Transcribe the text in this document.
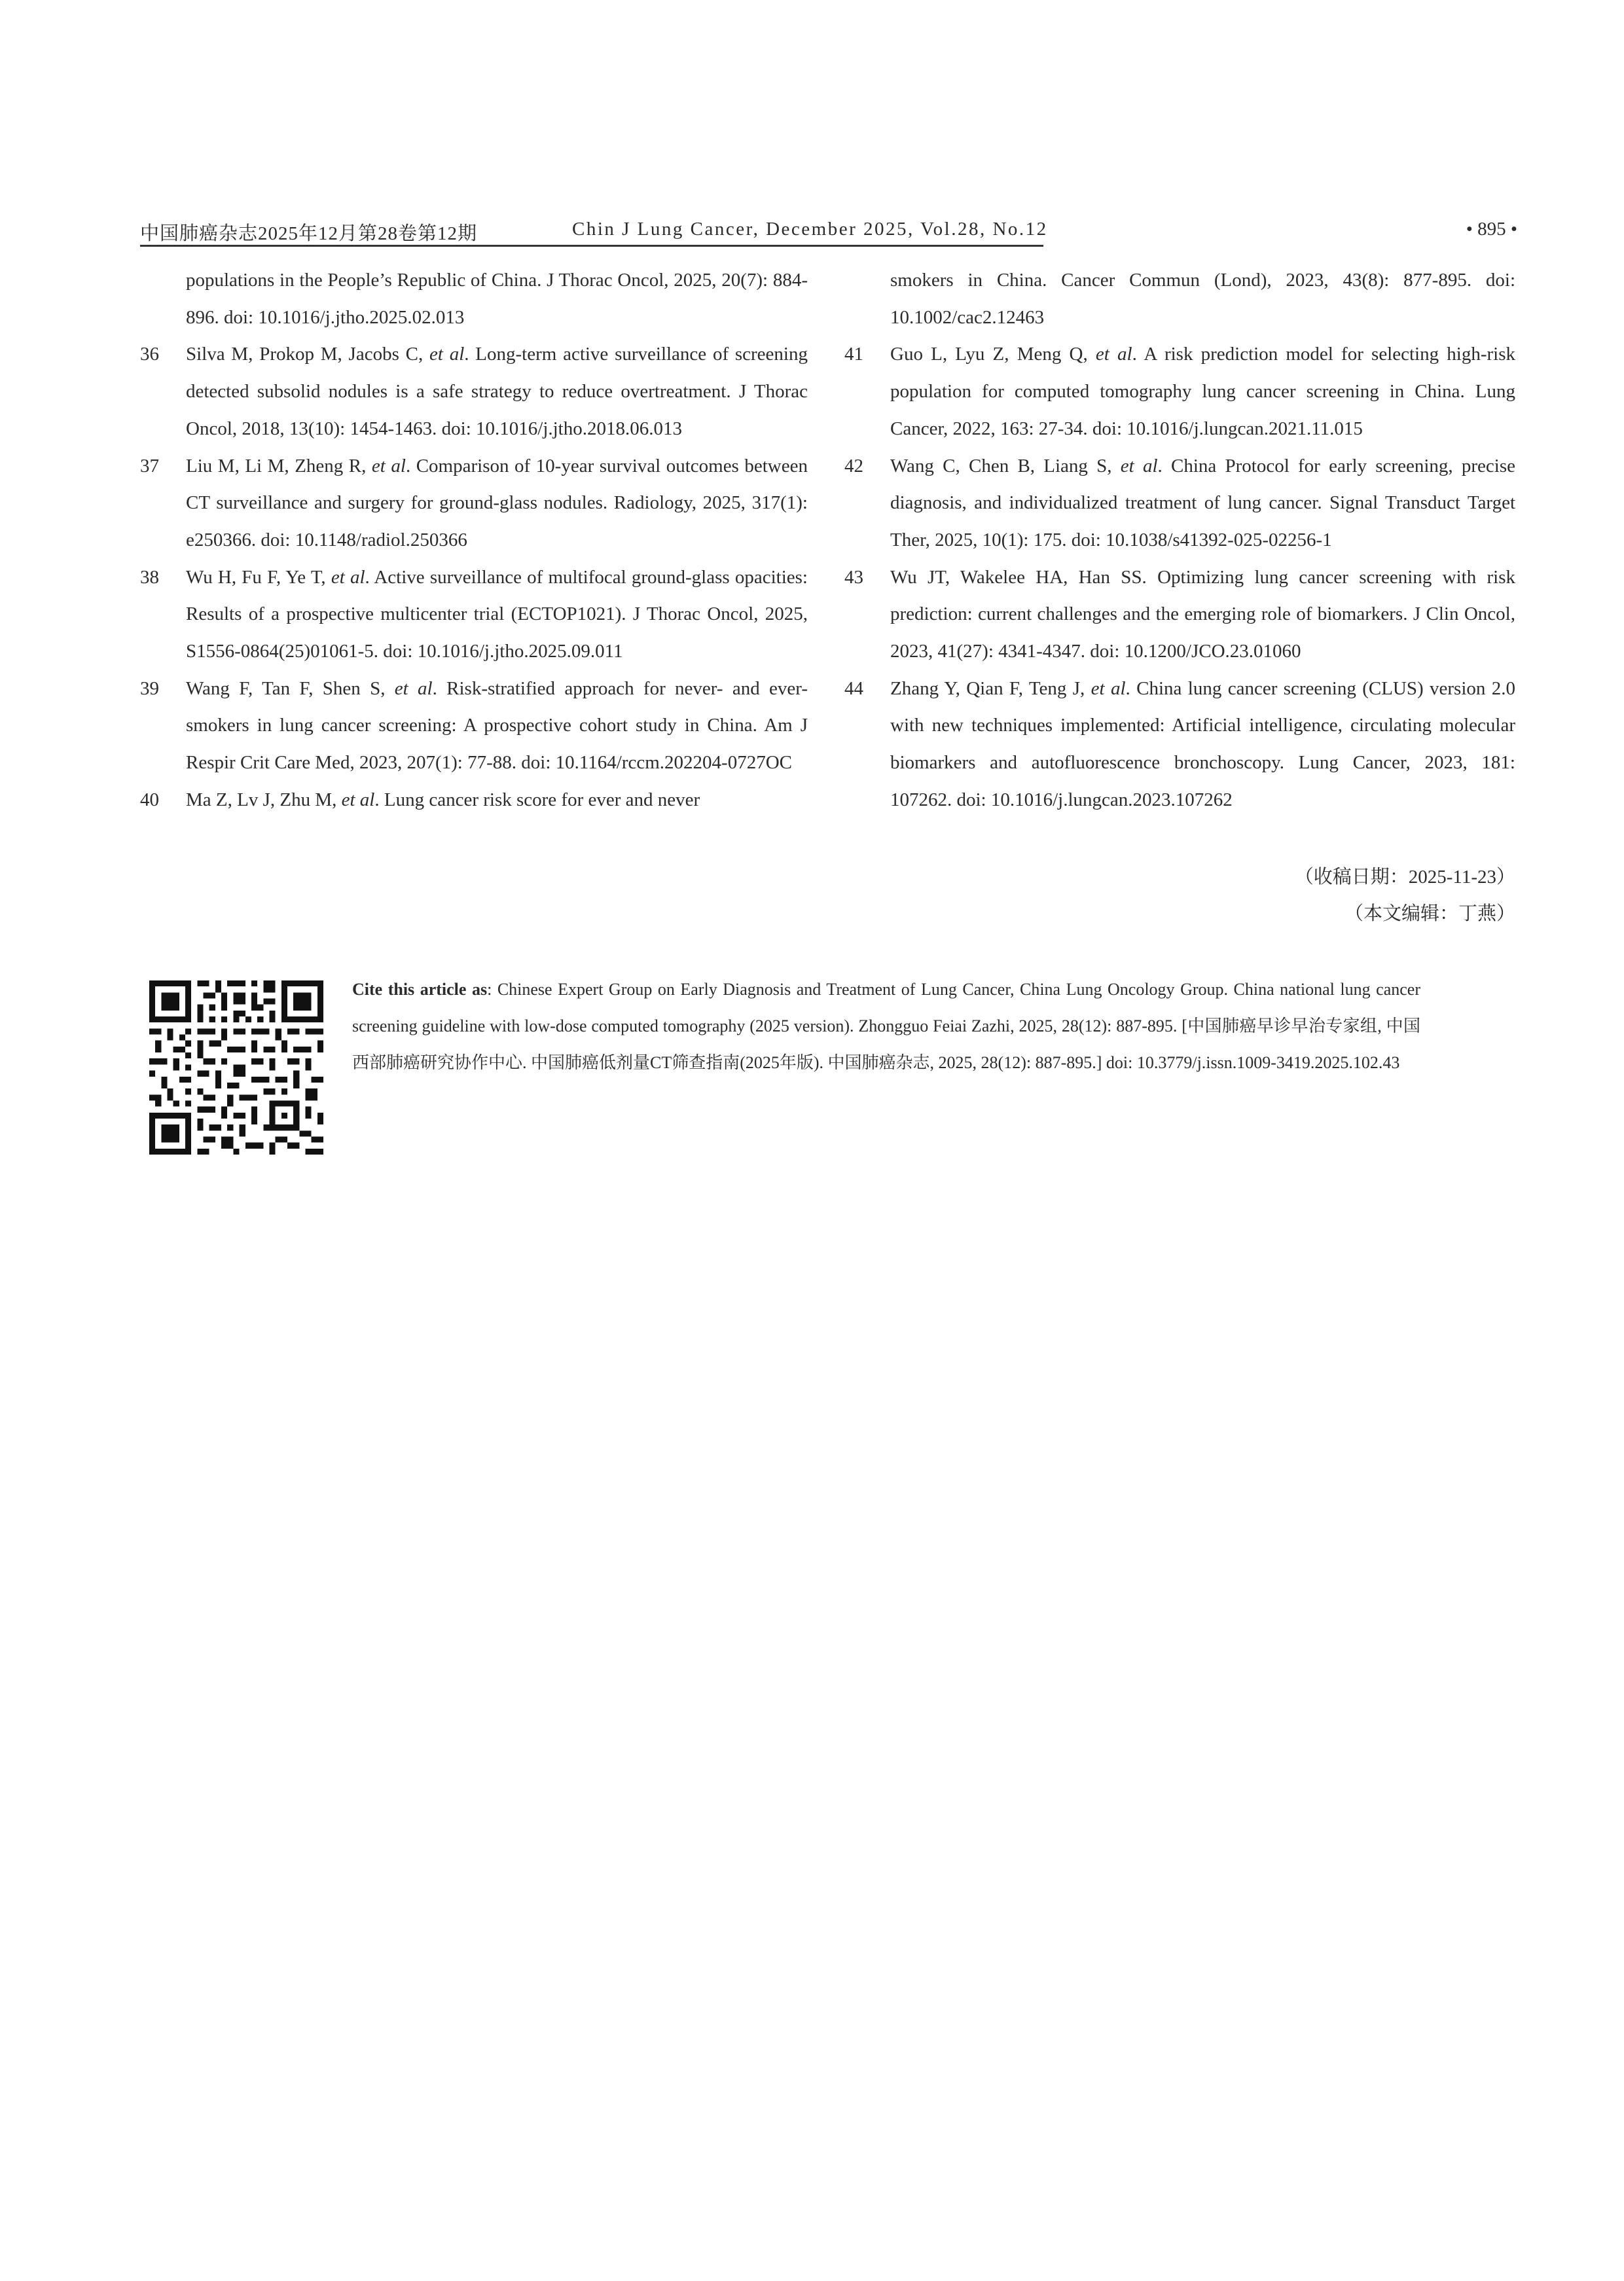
中国肺癌杂志2025年12月第28卷第12期	Chin J Lung Cancer, December 2025, Vol.28, No.12	• 895 •
populations in the People’s Republic of China. J Thorac Oncol, 2025, 20(7): 884-896. doi: 10.1016/j.jtho.2025.02.013
36 Silva M, Prokop M, Jacobs C, et al. Long-term active surveillance of screening detected subsolid nodules is a safe strategy to reduce overtreatment. J Thorac Oncol, 2018, 13(10): 1454-1463. doi: 10.1016/j.jtho.2018.06.013
37 Liu M, Li M, Zheng R, et al. Comparison of 10-year survival outcomes between CT surveillance and surgery for ground-glass nodules. Radiology, 2025, 317(1): e250366. doi: 10.1148/radiol.250366
38 Wu H, Fu F, Ye T, et al. Active surveillance of multifocal ground-glass opacities: Results of a prospective multicenter trial (ECTOP1021). J Thorac Oncol, 2025, S1556-0864(25)01061-5. doi: 10.1016/j.jtho.2025.09.011
39 Wang F, Tan F, Shen S, et al. Risk-stratified approach for never- and ever-smokers in lung cancer screening: A prospective cohort study in China. Am J Respir Crit Care Med, 2023, 207(1): 77-88. doi: 10.1164/rccm.202204-0727OC
40 Ma Z, Lv J, Zhu M, et al. Lung cancer risk score for ever and never
smokers in China. Cancer Commun (Lond), 2023, 43(8): 877-895. doi: 10.1002/cac2.12463
41 Guo L, Lyu Z, Meng Q, et al. A risk prediction model for selecting high-risk population for computed tomography lung cancer screening in China. Lung Cancer, 2022, 163: 27-34. doi: 10.1016/j.lungcan.2021.11.015
42 Wang C, Chen B, Liang S, et al. China Protocol for early screening, precise diagnosis, and individualized treatment of lung cancer. Signal Transduct Target Ther, 2025, 10(1): 175. doi: 10.1038/s41392-025-02256-1
43 Wu JT, Wakelee HA, Han SS. Optimizing lung cancer screening with risk prediction: current challenges and the emerging role of biomarkers. J Clin Oncol, 2023, 41(27): 4341-4347. doi: 10.1200/JCO.23.01060
44 Zhang Y, Qian F, Teng J, et al. China lung cancer screening (CLUS) version 2.0 with new techniques implemented: Artificial intelligence, circulating molecular biomarkers and autofluorescence bronchoscopy. Lung Cancer, 2023, 181: 107262. doi: 10.1016/j.lungcan.2023.107262
（收稿日期：2025-11-23）
（本文编辑：丁燕）
Cite this article as: Chinese Expert Group on Early Diagnosis and Treatment of Lung Cancer, China Lung Oncology Group. China national lung cancer screening guideline with low-dose computed tomography (2025 version). Zhongguo Feiai Zazhi, 2025, 28(12): 887-895. [中国肺癌早诊早治专家组, 中国西部肺癌研究协作中心. 中国肺癌低剂量CT筛查指南(2025年版). 中国肺癌杂志, 2025, 28(12): 887-895.] doi: 10.3779/j.issn.1009-3419.2025.102.43
